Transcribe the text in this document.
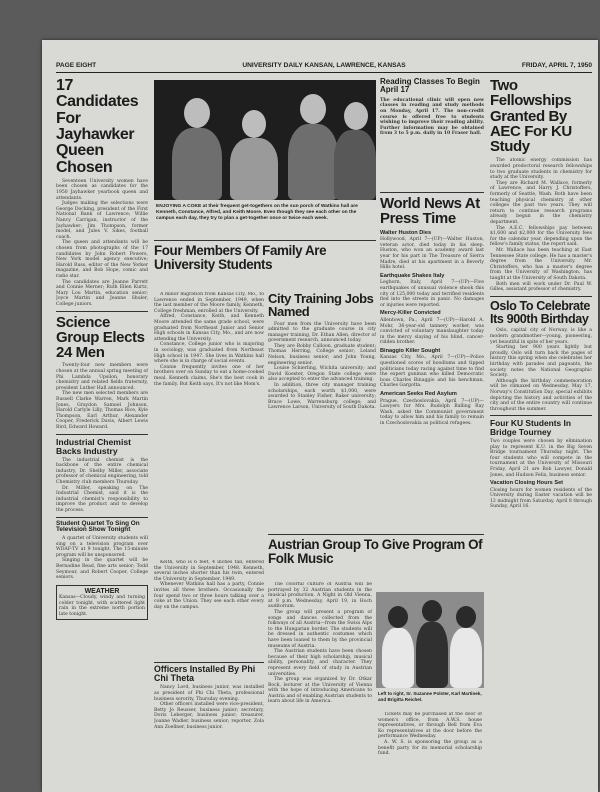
PAGE EIGHT	UNIVERSITY DAILY KANSAN, LAWRENCE, KANSAS	FRIDAY, APRIL 7, 1950
17 Candidates For Jayhawker Queen Chosen

Seventeen University women have been chosen as candidates for the 1950 Jayhawker yearbook queen and attendants.

Judges making the selections were George Docking, president of the First National Bank of Lawrence; Willie Nancy Carrigan, instructor of the Jayhawker; Jim Thompson, former model, and Jules V. Sikes, football coach.

The queen and attendants will be chosen from photographs of the 17 candidates by John Robert Powers, New York model agency executive; Harold Russ, editor of the New Yorker magazine, and Bob Hope, comic and radio star.

The candidates are Jeanne Parrett and Connie Merner; Ruth Ellen Kurtz, Mary Lou Martin, education senior; Joyce Martin and Jeanne Shuler, College juniors.

Science Group Elects 24 Men

Twenty-four new members were chosen at the annual spring meeting of Phi Lambda Upsilon, honorary chemistry and related fields fraternity, president Luther Hall announced.

The new men selected members are Russell Clarke Warren, Mark Martin Jones, Graydon Samuel Johnson, Harold Carlyle Lilly, Thomas Rice, Kyle Thompson, Earl Arthur, Alexander Cooper, Frederick Davis, Albert Lewis Bird, Edward Howard.

Industrial Chemist Backs Industry

The industrial chemist is the backbone of the entire chemical industry, Dr. Shelby Miller, associate professor of chemical engineering, told Chemistry club members Thursday.

Dr. Miller, speaking on The Industrial Chemist, said it is the industrial chemist's responsibility to improve the product and to develop the process.

Student Quartet To Sing On Television Show Tonight

A quartet of University students will sing on a television program over WDAF-TV at 9 tonight. The 15-minute program will be unsponsored.

Singing in the quartet will be Bernadine Read, fine arts senior; Todd Seymour, and Robert Cooper, College seniors.

WEATHER
Kansas—Cloudy, windy and turning colder tonight, with scattered light rain in the extreme north portion late tonight.
ENJOYING A COKE at their frequent get-togethers on the sun porch of Watkins hall are Kenneth, Constance, Alfred, and Keith Moore. Even though they see each other on the campus each day, they try to plan a get-together once or twice each week.
Four Members Of Family Are University Students

A minor migration from Kansas City, Mo., to Lawrence ended in September, 1949, when the last member of the Moore family, Kenneth, College freshman, enrolled at the University.

Alfred, Constance, Keith, and Kenneth Moore attended the same grade school, were graduated from Northeast Junior and Senior High schools in Kansas City, Mo., and are now attending the University.

Constance, College junior who is majoring in sociology, was graduated from Northeast High school in 1947. She lives in Watkins hall where she is in charge of social events.

Connie frequently invites one of her brothers over on Sunday to eat a home-cooked meal. Kenneth claims, She's the best cook in the family. But Keith says, It's not like Mom's.

Keith, who is 6 feet, 4 inches tall, entered the University in September, 1948. Kenneth, several inches shorter than his twin, entered the University in September, 1949.

Whenever Watkins hall has a party, Connie invites all three brothers. Occasionally the four spend two or three hours talking over a coke at the Union. They see each other every day on the campus.

Officers Installed By Phi Chi Theta

Nancy Lord, business junior, was installed as president of Phi Chi Theta, professional business sorority, Thursday evening.

Other officers installed were vice-president, Betty Jo Reusser, business junior; secretary, Doris Leberger, business junior; treasurer, Joanne Wadler, business senior; reporter, Zola Ann Zoellner, business junior.

City Training Jobs Named

Four men from the University have been admitted to the graduate course in city manager training, Dr. Ethan Allen, director of government research, announced today.

They are Bobby Calloon, graduate student; Thomas Herring, College senior; Leland Nelson, business senior; and John Young, engineering senior.

Louise Schierling, Wichita university; and David Koester, Oregon State college were also accepted to enter the advanced training.

In addition, three city manager training scholarships, each worth $1,000, were awarded to Stanley Fisher, Baker university; Bruce Lowe, Warrensburg college; and Lawrence Larson, University of South Dakota.

Reading Classes To Begin April 17
The educational clinic will open new classes in reading and study methods on Monday, April 17. The non-credit course is offered free to students wishing to improve their reading ability. Further information may be obtained from 3 to 5 p.m. daily in 10 Fraser hall.
World News At Press Time
Walter Huston Dies
Hollywood, April 7—(UP)—Walter Huston, veteran actor, died today in his sleep. Huston, who won an academy award last year for his part in The Treasure of Sierra Madre, died at his apartment in a Beverly Hills hotel.
Earthquake Shakes Italy
Leghorn, Italy, April 7—(UP)—Five earthquakes of unusual violence shook this city of 125,000 today and terrified residents fled into the streets in panic. No damages or injuries were reported.
Mercy-Killer Convicted
Allentown, Pa., April 7—(UP)—Harold A. Mohr, 36-year-old tannery worker, was convicted of voluntary manslaughter today in the mercy slaying of his blind, cancer-ridden brother.
Binaggio Killer Sought
Kansas City, Mo., April 7—(UP)—Police questioned scores of hoodlums and tipped politicians today racing against time to find the expert gunman who killed Democratic boss Charles Binaggio and his henchman, Charles Gargotta.
American Seeks Red Asylum
Prague, Czechoslovakia, April 7—(UP)—Lawyers for Mrs. Rudolph Balling Ray Wash, asked the Communist government today to allow him and his family to remain in Czechoslovakia as political refugees.
Austrian Group To Give Program Of Folk Music

The colorful culture of Austria will be portrayed by 32 Austrian students in the musical production, A Night in Old Vienna, at 8 p.m. Wednesday, April 19, in Hoch auditorium.

The group will present a program of songs and dances collected from the folkways of all Austria—from the Swiss Alps to the Hungarian border. The students will be dressed in authentic costumes which have been loaned to them by the provincial museums of Austria.

The Austrian students have been chosen because of their high scholarship, musical ability, personality, and character. They represent every field of study in Austrian universities.

The group was organized by Dr. Otkar Bock, lecturer at the University of Vienna with the hope of introducing Americans to Austria and of enabling Austrian students to learn about life in America.

Left to right, Sr. Suzanne Polster, Karl Martinek, and Brigitta Reichel.

Tickets may be purchased at the door of women's office, from A.W.S. house representatives, or through Bell from Eva Ko representatives at the door before the performance Wednesday.

A. W. S. is sponsoring the group as a benefit party for its memorial scholarship fund.

Two Fellowships Granted By AEC For KU Study

The atomic energy commission has awarded predoctoral research fellowships to two graduate students in chemistry for study at the University.

They are Richard M. Wallace, formerly of Lawrence, and Harry J. Christoffers, formerly of Seattle, Wash. Both have been teaching physical chemistry at other colleges the past two years. They will return to continue research programs already begun in the chemistry department.

The A.E.C. fellowships pay between $1,600 and $2,000 for the University fees for the calendar year, depending upon the fellow's family status, the report said.

Mr. Wallace has been teaching at East Tennessee State college. He has a master's degree from the University. Mr. Christoffers, who has a master's degree from the University of Washington, has taught at the University of South Dakota.

Both men will work under Dr. Paul W. Gilles, assistant professor of chemistry.

Oslo To Celebrate Its 900th Birthday

Oslo, capital city of Norway, is like a modern grandmother—young, pioneering, yet beautiful in spite of her years.

Starting her 900 years lightly but proudly, Oslo will turn back the pages of history this spring when she celebrates her birthday with parades and pageants, the society notes the National Geographic Society.

Although the birthday commemoration will be climaxed on Wednesday, May 17, Norway's Constitution Day, special exhibits depicting the history and activities of the city and of the entire country will continue throughout the summer.

Four KU Students In Bridge Tourney
Two couples were chosen by elimination play to represent K.U. in the Big Seven Bridge tournament Thursday night. The four students who will compete in the tournament at the University of Missouri Friday, April 21 are Bob Lawyer, Donald Jones, and Hudson Felix, business senior.
Vacation Closing Hours Set
Closing hours for women residents of the University during Easter vacation will be 12 midnight from Saturday, April 8 through Sunday, April 16.
